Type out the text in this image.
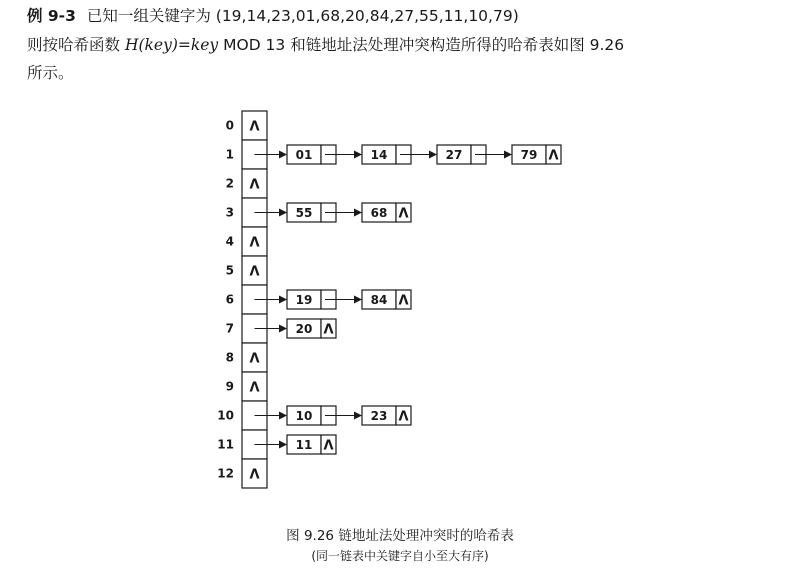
例 9-3 已知一组关键字为 (19,14,23,01,68,20,84,27,55,11,10,79)
则按哈希函数 H(key)=key MOD 13 和链地址法处理冲突构造所得的哈希表如图 9.26
所示。
0 Λ
1	01	14	27	79 Λ
2 Λ
3	55	68 Λ
4 Λ
5 Λ
6	19	84 Λ
7	20 Λ
8 Λ
9 Λ
10	10	23 Λ
11	11 Λ
12 Λ
图 9.26 链地址法处理冲突时的哈希表
(同一链表中关键字自小至大有序)
